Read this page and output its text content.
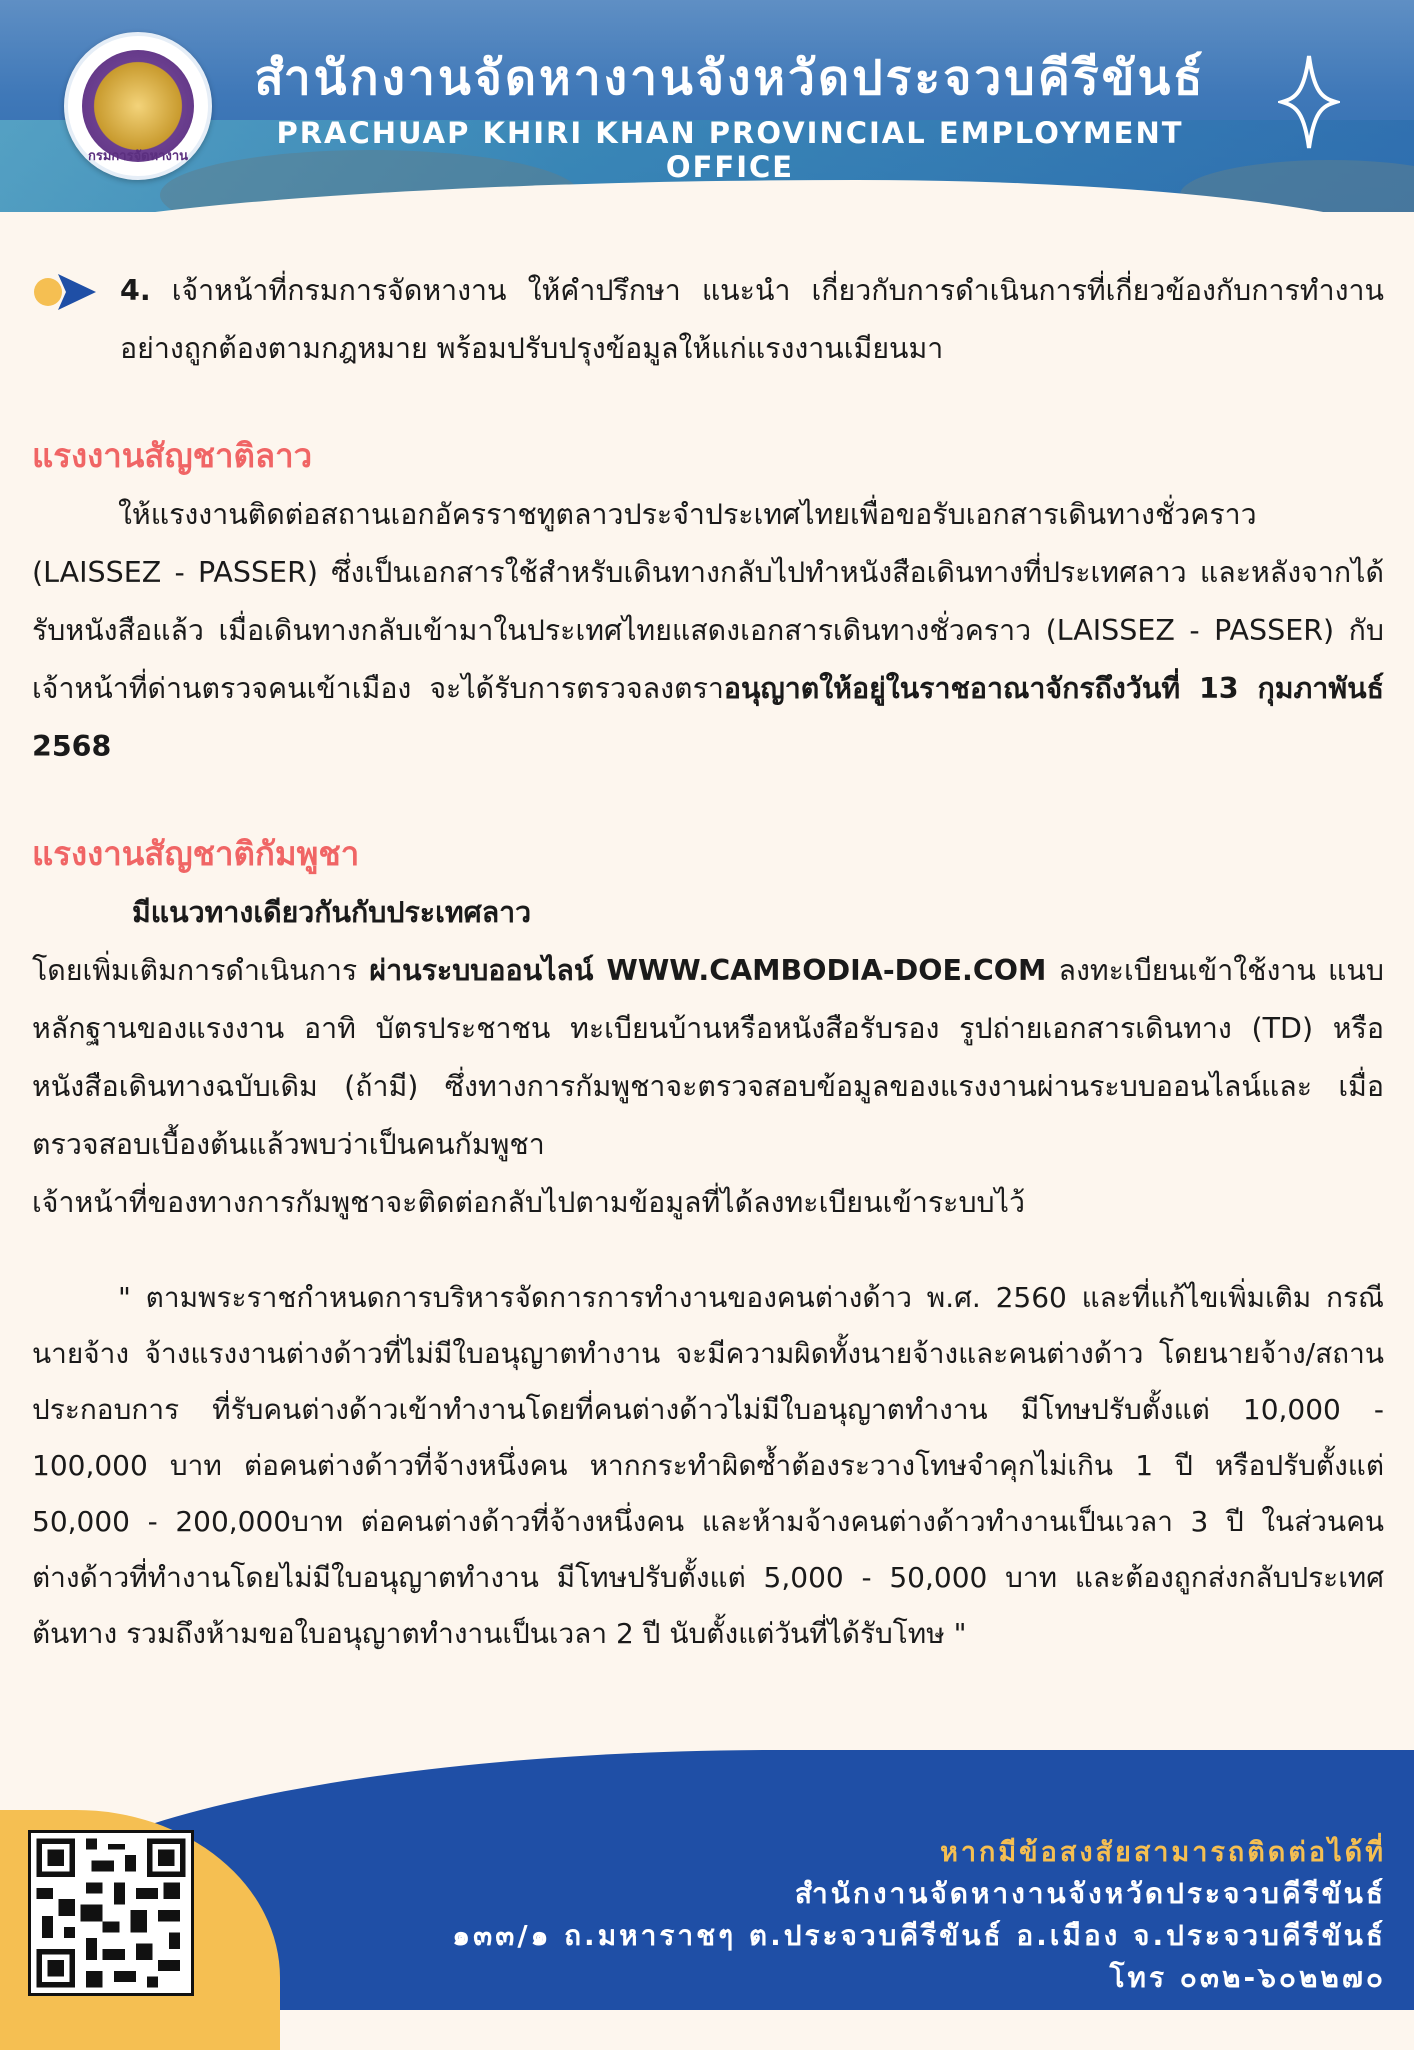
กรมการจัดหางาน
สำนักงานจัดหางานจังหวัดประจวบคีรีขันธ์
PRACHUAP KHIRI KHAN PROVINCIAL EMPLOYMENT OFFICE

4. เจ้าหน้าที่กรมการจัดหางาน ให้คำปรึกษา แนะนำ เกี่ยวกับการดำเนินการที่เกี่ยวข้องกับการทำงานอย่างถูกต้องตามกฎหมาย พร้อมปรับปรุงข้อมูลให้แก่แรงงานเมียนมา

แรงงานสัญชาติลาว

ให้แรงงานติดต่อสถานเอกอัครราชทูตลาวประจำประเทศไทยเพื่อขอรับเอกสารเดินทางชั่วคราว (LAISSEZ - PASSER) ซึ่งเป็นเอกสารใช้สำหรับเดินทางกลับไปทำหนังสือเดินทางที่ประเทศลาว และหลังจากได้รับหนังสือแล้ว เมื่อเดินทางกลับเข้ามาในประเทศไทยแสดงเอกสารเดินทางชั่วคราว (LAISSEZ - PASSER) กับเจ้าหน้าที่ด่านตรวจคนเข้าเมือง จะได้รับการตรวจลงตราอนุญาตให้อยู่ในราชอาณาจักรถึงวันที่ 13 กุมภาพันธ์ 2568

แรงงานสัญชาติกัมพูชา

มีแนวทางเดียวกันกับประเทศลาว

โดยเพิ่มเติมการดำเนินการ ผ่านระบบออนไลน์ WWW.CAMBODIA-DOE.COM ลงทะเบียนเข้าใช้งาน แนบหลักฐานของแรงงาน อาทิ บัตรประชาชน ทะเบียนบ้านหรือหนังสือรับรอง รูปถ่ายเอกสารเดินทาง (TD) หรือหนังสือเดินทางฉบับเดิม (ถ้ามี) ซึ่งทางการกัมพูชาจะตรวจสอบข้อมูลของแรงงานผ่านระบบออนไลน์และ เมื่อตรวจสอบเบื้องต้นแล้วพบว่าเป็นคนกัมพูชา

เจ้าหน้าที่ของทางการกัมพูชาจะติดต่อกลับไปตามข้อมูลที่ได้ลงทะเบียนเข้าระบบไว้

" ตามพระราชกำหนดการบริหารจัดการการทำงานของคนต่างด้าว พ.ศ. 2560 และที่แก้ไขเพิ่มเติม กรณีนายจ้าง จ้างแรงงานต่างด้าวที่ไม่มีใบอนุญาตทำงาน จะมีความผิดทั้งนายจ้างและคนต่างด้าว โดยนายจ้าง/สถานประกอบการ ที่รับคนต่างด้าวเข้าทำงานโดยที่คนต่างด้าวไม่มีใบอนุญาตทำงาน มีโทษปรับตั้งแต่ 10,000 - 100,000 บาท ต่อคนต่างด้าวที่จ้างหนึ่งคน หากกระทำผิดซ้ำต้องระวางโทษจำคุกไม่เกิน 1 ปี หรือปรับตั้งแต่ 50,000 - 200,000บาท ต่อคนต่างด้าวที่จ้างหนึ่งคน และห้ามจ้างคนต่างด้าวทำงานเป็นเวลา 3 ปี ในส่วนคนต่างด้าวที่ทำงานโดยไม่มีใบอนุญาตทำงาน มีโทษปรับตั้งแต่ 5,000 - 50,000 บาท และต้องถูกส่งกลับประเทศต้นทาง รวมถึงห้ามขอใบอนุญาตทำงานเป็นเวลา 2 ปี นับตั้งแต่วันที่ได้รับโทษ "

หากมีข้อสงสัยสามารถติดต่อได้ที่
สำนักงานจัดหางานจังหวัดประจวบคีรีขันธ์
๑๓๓/๑ ถ.มหาราชๆ ต.ประจวบคีรีขันธ์ อ.เมือง จ.ประจวบคีรีขันธ์
โทร ๐๓๒-๖๐๒๒๗๐
